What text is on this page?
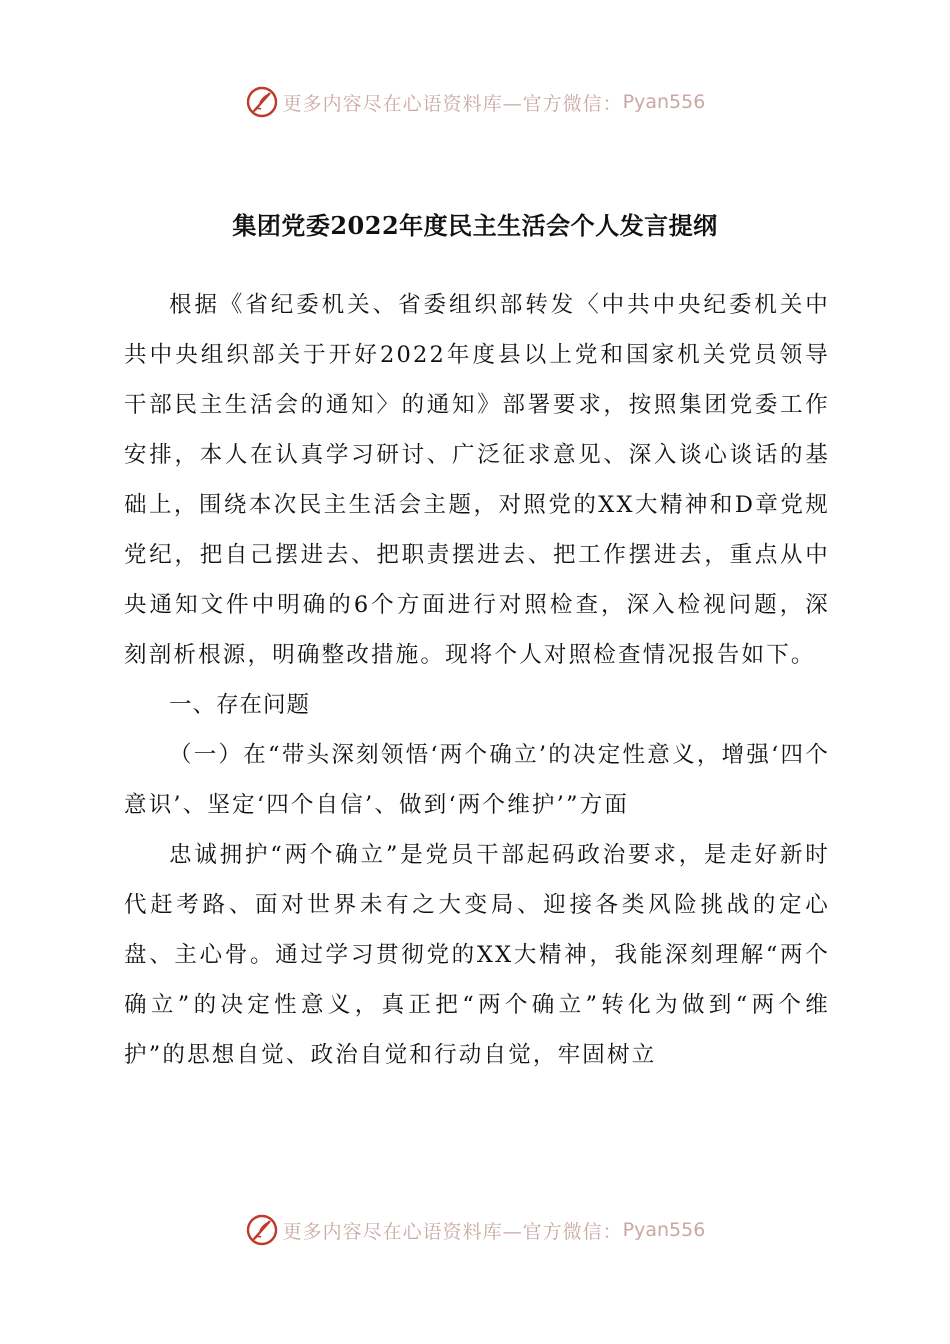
更多内容尽在心语资料库—官方微信： Pyan556
集团党委2022年度民主生活会个人发言提纲

根据《省纪委机关、省委组织部转发〈中共中央纪委机关中共中央组织部关于开好2022年度县以上党和国家机关党员领导干部民主生活会的通知〉的通知》部署要求，按照集团党委工作安排，本人在认真学习研讨、广泛征求意见、深入谈心谈话的基础上，围绕本次民主生活会主题，对照党的XX大精神和D章党规党纪，把自己摆进去、把职责摆进去、把工作摆进去，重点从中央通知文件中明确的6个方面进行对照检查，深入检视问题，深刻剖析根源，明确整改措施。现将个人对照检查情况报告如下。

一、存在问题

（一）在“带头深刻领悟‘两个确立’的决定性意义，增强‘四个意识’、坚定‘四个自信’、做到‘两个维护’”方面

忠诚拥护“两个确立”是党员干部起码政治要求，是走好新时代赶考路、面对世界未有之大变局、迎接各类风险挑战的定心盘、主心骨。通过学习贯彻党的XX大精神，我能深刻理解“两个确立”的决定性意义，真正把“两个确立”转化为做到“两个维护”的思想自觉、政治自觉和行动自觉，牢固树立

更多内容尽在心语资料库—官方微信： Pyan556
